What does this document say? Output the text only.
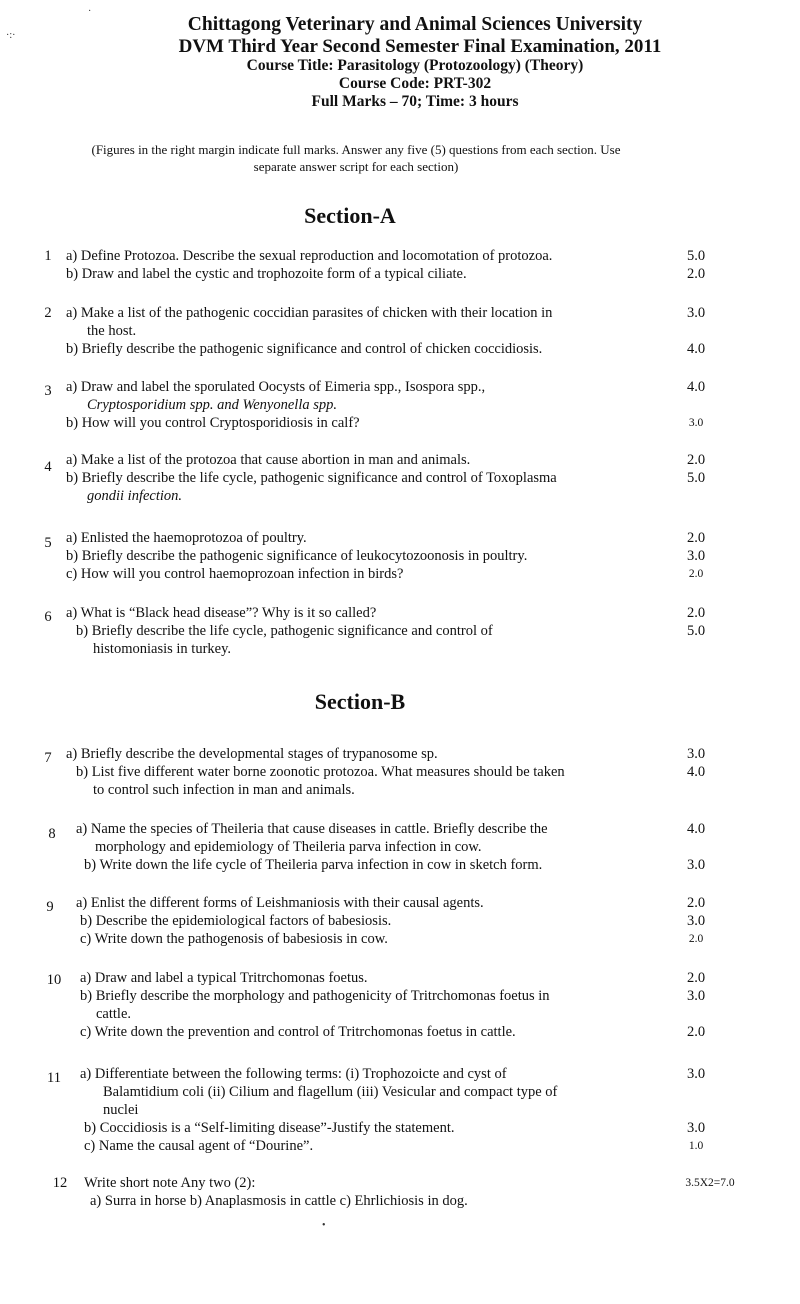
Chittagong Veterinary and Animal Sciences University
DVM Third Year Second Semester Final Examination, 2011
Course Title: Parasitology (Protozoology) (Theory)
Course Code: PRT-302
Full Marks – 70; Time: 3 hours
·:·
·
(Figures in the right margin indicate full marks. Answer any five (5) questions from each section. Use
separate answer script for each section)
Section-A
1 a) Define Protozoa. Describe the sexual reproduction and locomotation of protozoa.	5.0
b) Draw and label the cystic and trophozoite form of a typical ciliate.	2.0
2 a) Make a list of the pathogenic coccidian parasites of chicken with their location in	3.0
the host.
b) Briefly describe the pathogenic significance and control of chicken coccidiosis.	4.0
3 a) Draw and label the sporulated Oocysts of Eimeria spp., Isospora spp.,	4.0
Cryptosporidium spp. and Wenyonella spp.
b) How will you control Cryptosporidiosis in calf?	3.0
4 a) Make a list of the protozoa that cause abortion in man and animals.	2.0
b) Briefly describe the life cycle, pathogenic significance and control of Toxoplasma	5.0
gondii infection.
5 a) Enlisted the haemoprotozoa of poultry.	2.0
b) Briefly describe the pathogenic significance of leukocytozoonosis in poultry.	3.0
c) How will you control haemoprozoan infection in birds?	2.0
6 a) What is “Black head disease”? Why is it so called?	2.0
b) Briefly describe the life cycle, pathogenic significance and control of	5.0
histomoniasis in turkey.
Section-B
7 a) Briefly describe the developmental stages of trypanosome sp.	3.0
b) List five different water borne zoonotic protozoa. What measures should be taken	4.0
to control such infection in man and animals.
8	a) Name the species of Theileria that cause diseases in cattle. Briefly describe the	4.0
morphology and epidemiology of Theileria parva infection in cow.
b) Write down the life cycle of Theileria parva infection in cow in sketch form.	3.0
9	a) Enlist the different forms of Leishmaniosis with their causal agents.	2.0
b) Describe the epidemiological factors of babesiosis.	3.0
c) Write down the pathogenosis of babesiosis in cow.	2.0
10	a) Draw and label a typical Tritrchomonas foetus.	2.0
b) Briefly describe the morphology and pathogenicity of Tritrchomonas foetus in	3.0
cattle.
c) Write down the prevention and control of Tritrchomonas foetus in cattle.	2.0
11	a) Differentiate between the following terms: (i) Trophozoicte and cyst of	3.0
Balamtidium coli (ii) Cilium and flagellum (iii) Vesicular and compact type of
nuclei
b) Coccidiosis is a “Self-limiting disease”-Justify the statement.	3.0
c) Name the causal agent of “Dourine”.	1.0
12	Write short note Any two (2):	3.5X2=7.0
a) Surra in horse b) Anaplasmosis in cattle c) Ehrlichiosis in dog.
•
